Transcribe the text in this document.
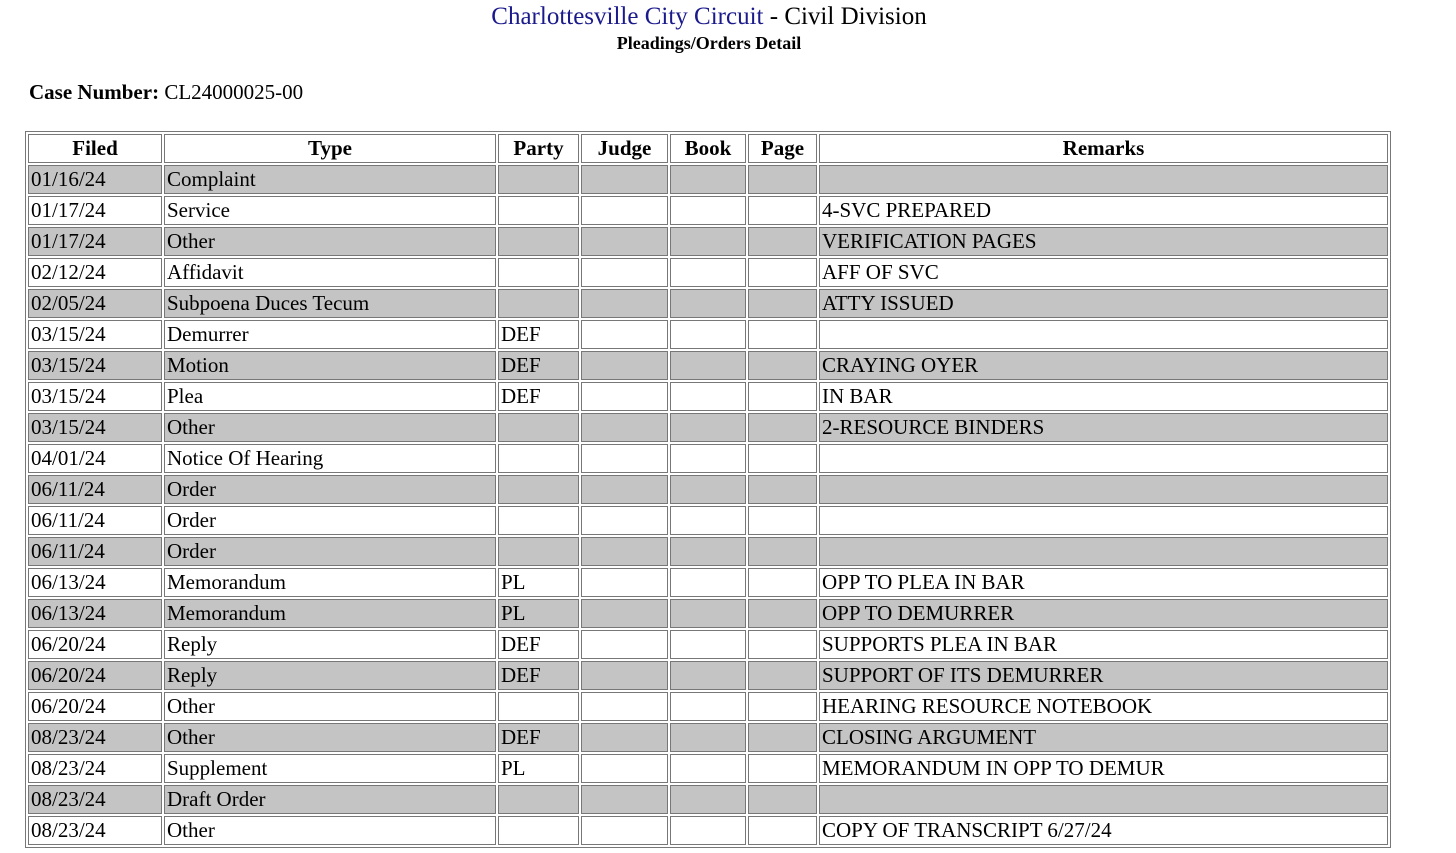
Charlottesville City Circuit - Civil Division

Pleadings/Orders Detail

Case Number: CL24000025-00
Filed	Type	Party	Judge	Book	Page	Remarks
01/16/24	Complaint					
01/17/24	Service					4-SVC PREPARED
01/17/24	Other					VERIFICATION PAGES
02/12/24	Affidavit					AFF OF SVC
02/05/24	Subpoena Duces Tecum					ATTY ISSUED
03/15/24	Demurrer	DEF				
03/15/24	Motion	DEF				CRAYING OYER
03/15/24	Plea	DEF				IN BAR
03/15/24	Other					2-RESOURCE BINDERS
04/01/24	Notice Of Hearing					
06/11/24	Order					
06/11/24	Order					
06/11/24	Order					
06/13/24	Memorandum	PL				OPP TO PLEA IN BAR
06/13/24	Memorandum	PL				OPP TO DEMURRER
06/20/24	Reply	DEF				SUPPORTS PLEA IN BAR
06/20/24	Reply	DEF				SUPPORT OF ITS DEMURRER
06/20/24	Other					HEARING RESOURCE NOTEBOOK
08/23/24	Other	DEF				CLOSING ARGUMENT
08/23/24	Supplement	PL				MEMORANDUM IN OPP TO DEMUR
08/23/24	Draft Order					
08/23/24	Other					COPY OF TRANSCRIPT 6/27/24
